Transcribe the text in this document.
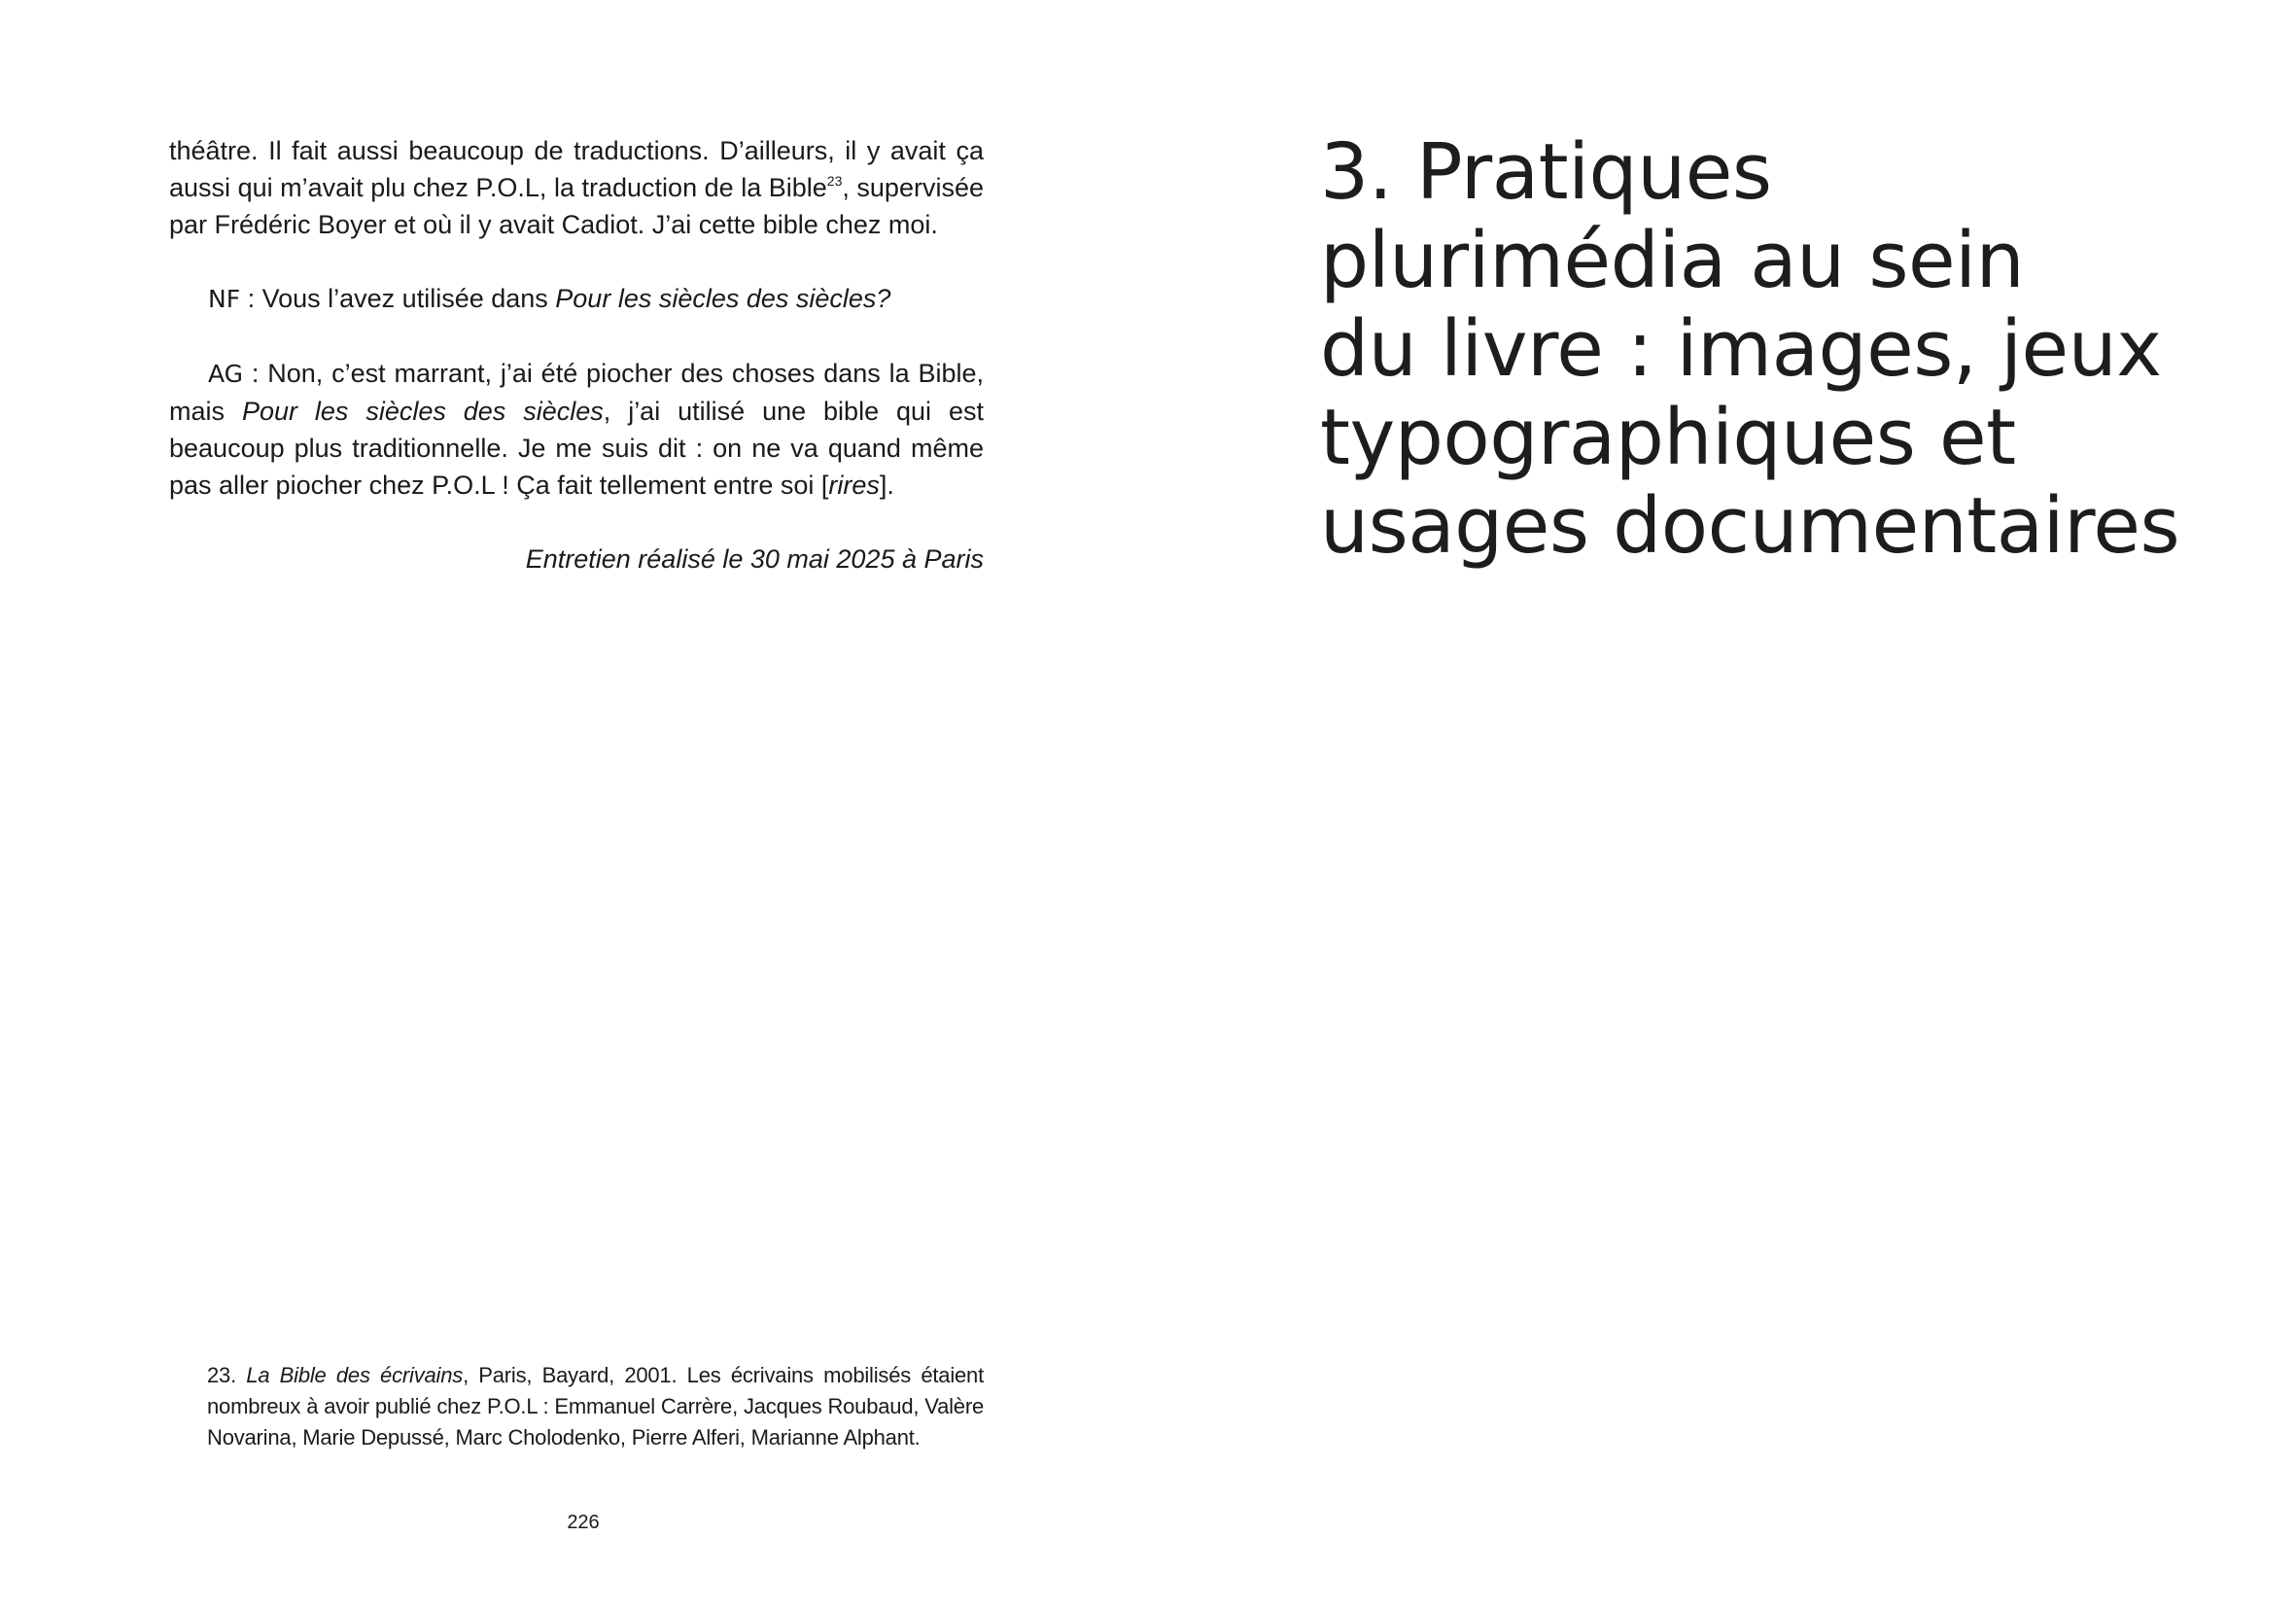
théâtre. Il fait aussi beaucoup de traductions. D’ailleurs, il y avait ça aussi qui m’avait plu chez P.O.L, la traduction de la Bible$^{23}$, supervisée par Frédéric Boyer et où il y avait Cadiot. J’ai cette bible chez moi.

NF : Vous l’avez utilisée dans Pour les siècles des siècles?

AG : Non, c’est marrant, j’ai été piocher des choses dans la Bible, mais Pour les siècles des siècles, j’ai utilisé une bible qui est beaucoup plus traditionnelle. Je me suis dit : on ne va quand même pas aller piocher chez P.O.L ! Ça fait tellement entre soi [rires].

Entretien réalisé le 30 mai 2025 à Paris

23. La Bible des écrivains, Paris, Bayard, 2001. Les écrivains mobilisés étaient nombreux à avoir publié chez P.O.L : Emmanuel Carrère, Jacques Roubaud, Valère Novarina, Marie Depussé, Marc Cholodenko, Pierre Alferi, Marianne Alphant.

226
3. Pratiques
plurimédia au sein
du livre : images, jeux
typographiques et
usages documentaires
